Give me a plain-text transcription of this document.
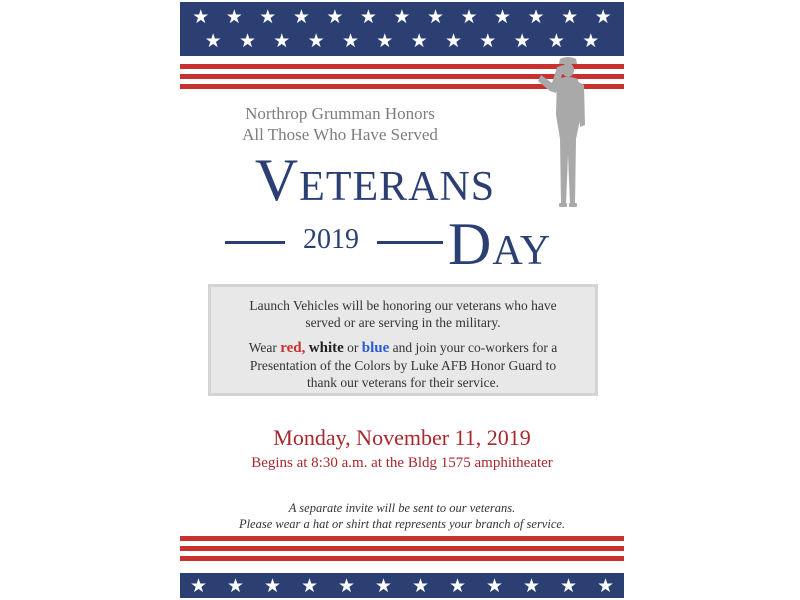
★ ★ ★ ★ ★ ★ ★ ★ ★ ★ ★ ★ ★
★ ★ ★ ★ ★ ★ ★ ★ ★ ★ ★ ★
Northrop Grumman Honors
All Those Who Have Served
Veterans
2019 Day
Launch Vehicles will be honoring our veterans who have
served or are serving in the military.
Wear red, white or blue and join your co-workers for a
Presentation of the Colors by Luke AFB Honor Guard to
thank our veterans for their service.
Monday, November 11, 2019
Begins at 8:30 a.m. at the Bldg 1575 amphitheater
A separate invite will be sent to our veterans.
Please wear a hat or shirt that represents your branch of service.
★ ★ ★ ★ ★ ★ ★ ★ ★ ★ ★ ★
